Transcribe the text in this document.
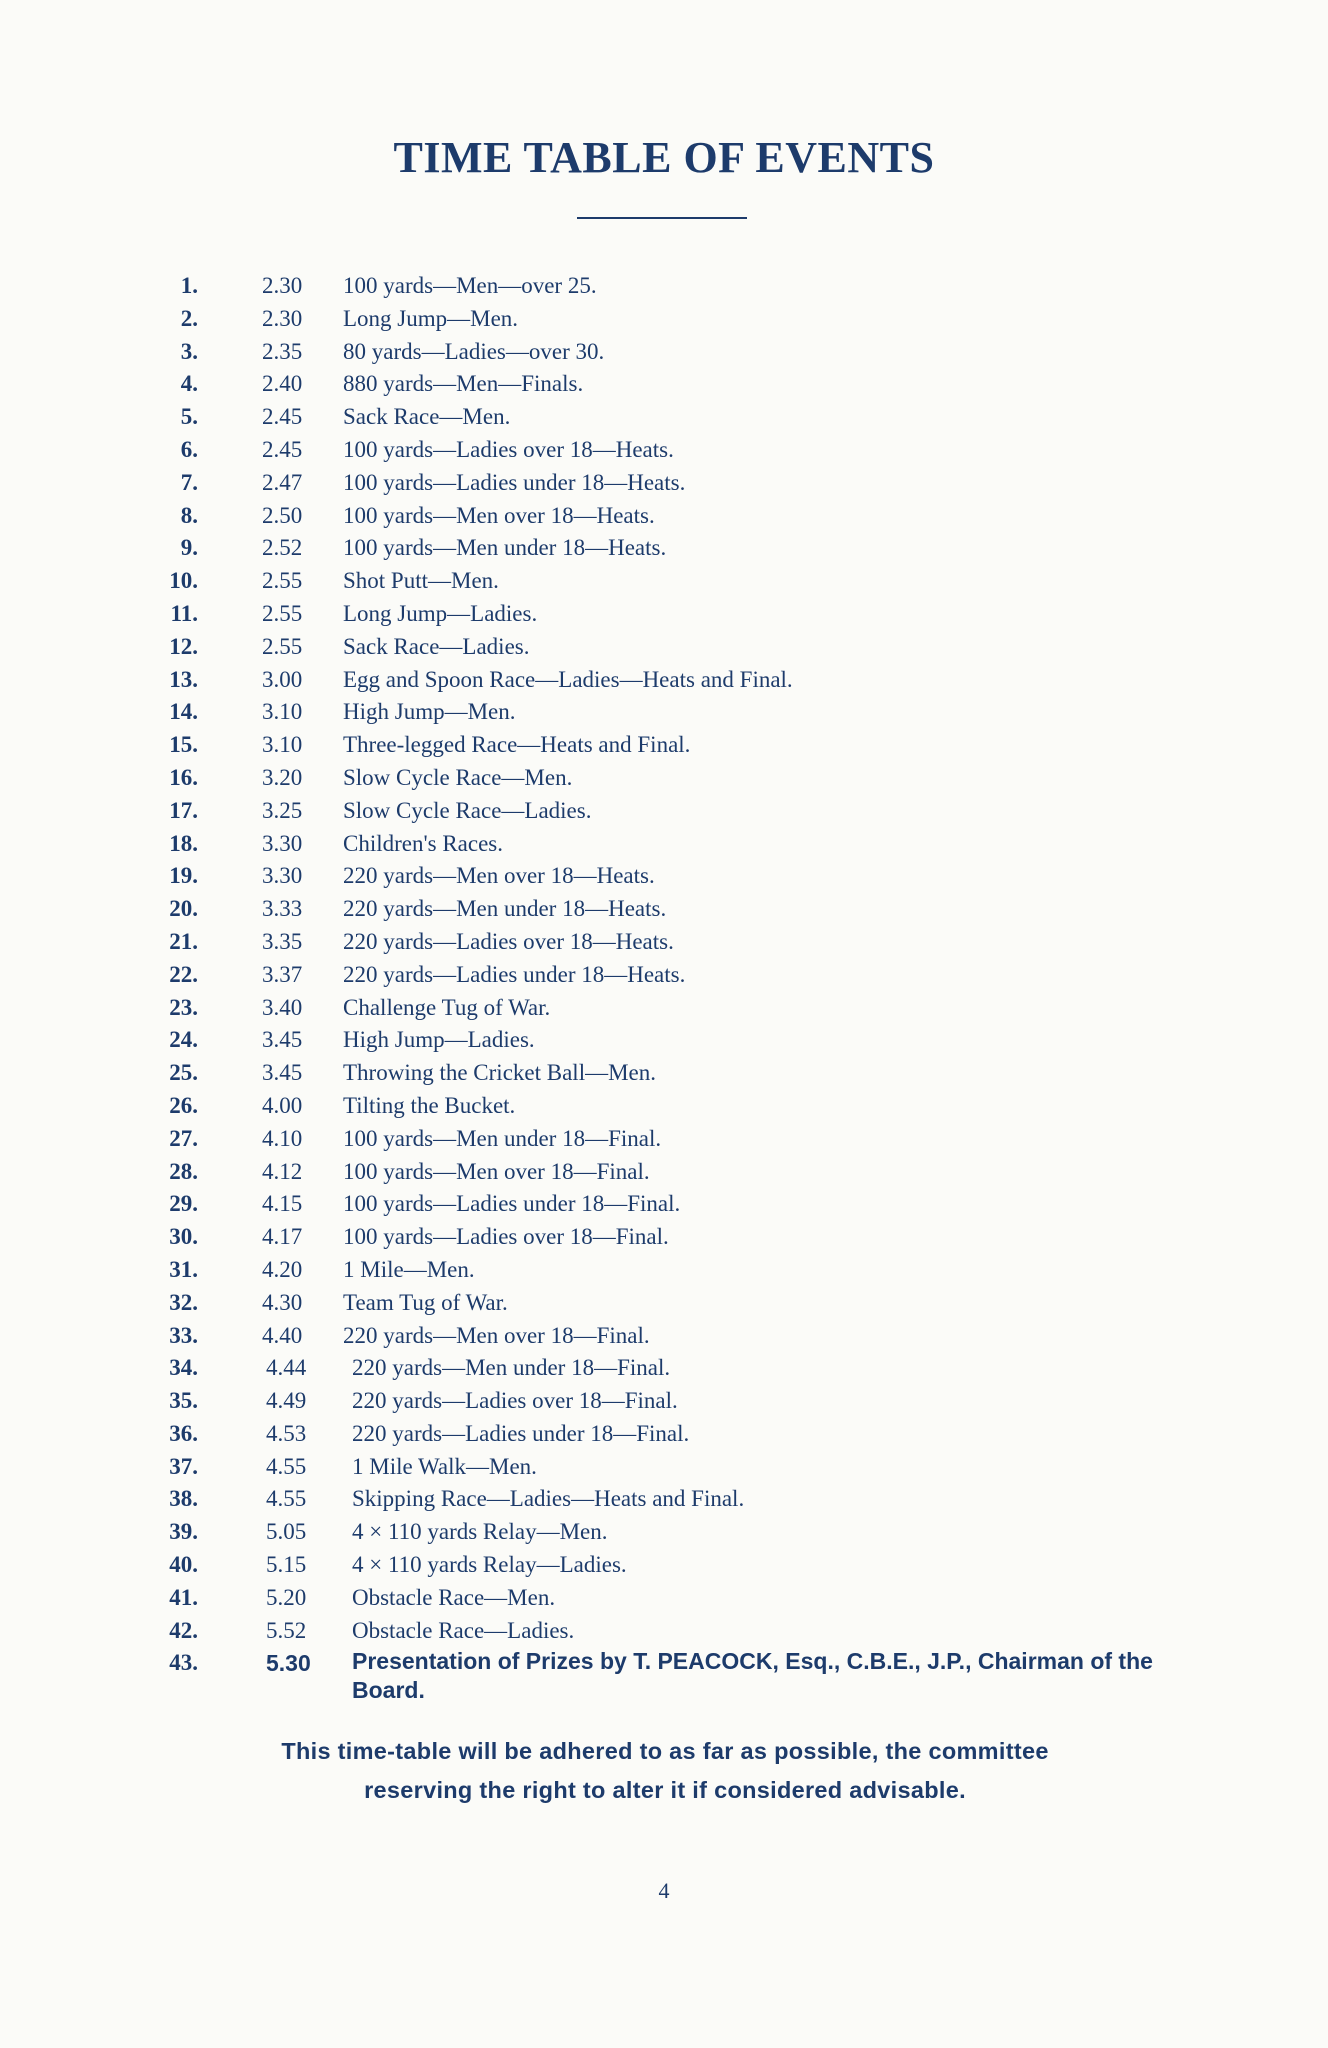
TIME TABLE OF EVENTS
1.	2.30 100 yards—Men—over 25.
2.	2.30 Long Jump—Men.
3.	2.35 80 yards—Ladies—over 30.
4.	2.40 880 yards—Men—Finals.
5.	2.45 Sack Race—Men.
6.	2.45 100 yards—Ladies over 18—Heats.
7.	2.47 100 yards—Ladies under 18—Heats.
8.	2.50 100 yards—Men over 18—Heats.
9.	2.52 100 yards—Men under 18—Heats.
10.	2.55 Shot Putt—Men.
11.	2.55 Long Jump—Ladies.
12.	2.55 Sack Race—Ladies.
13.	3.00 Egg and Spoon Race—Ladies—Heats and Final.
14.	3.10 High Jump—Men.
15.	3.10 Three-legged Race—Heats and Final.
16.	3.20 Slow Cycle Race—Men.
17.	3.25 Slow Cycle Race—Ladies.
18.	3.30 Children's Races.
19.	3.30 220 yards—Men over 18—Heats.
20.	3.33 220 yards—Men under 18—Heats.
21.	3.35 220 yards—Ladies over 18—Heats.
22.	3.37 220 yards—Ladies under 18—Heats.
23.	3.40 Challenge Tug of War.
24.	3.45 High Jump—Ladies.
25.	3.45 Throwing the Cricket Ball—Men.
26.	4.00 Tilting the Bucket.
27.	4.10 100 yards—Men under 18—Final.
28.	4.12 100 yards—Men over 18—Final.
29.	4.15 100 yards—Ladies under 18—Final.
30.	4.17 100 yards—Ladies over 18—Final.
31.	4.20 1 Mile—Men.
32.	4.30 Team Tug of War.
33.	4.40 220 yards—Men over 18—Final.
34.	4.44 220 yards—Men under 18—Final.
35.	4.49 220 yards—Ladies over 18—Final.
36.	4.53 220 yards—Ladies under 18—Final.
37.	4.55 1 Mile Walk—Men.
38.	4.55 Skipping Race—Ladies—Heats and Final.
39.	5.05 4 × 110 yards Relay—Men.
40.	5.15 4 × 110 yards Relay—Ladies.
41.	5.20 Obstacle Race—Men.
42.	5.52 Obstacle Race—Ladies.
43.	5.30 Presentation of Prizes by T. PEACOCK, Esq., C.B.E., J.P., Chairman of the Board.
This time-table will be adhered to as far as possible, the committee reserving the right to alter it if considered advisable.
4
